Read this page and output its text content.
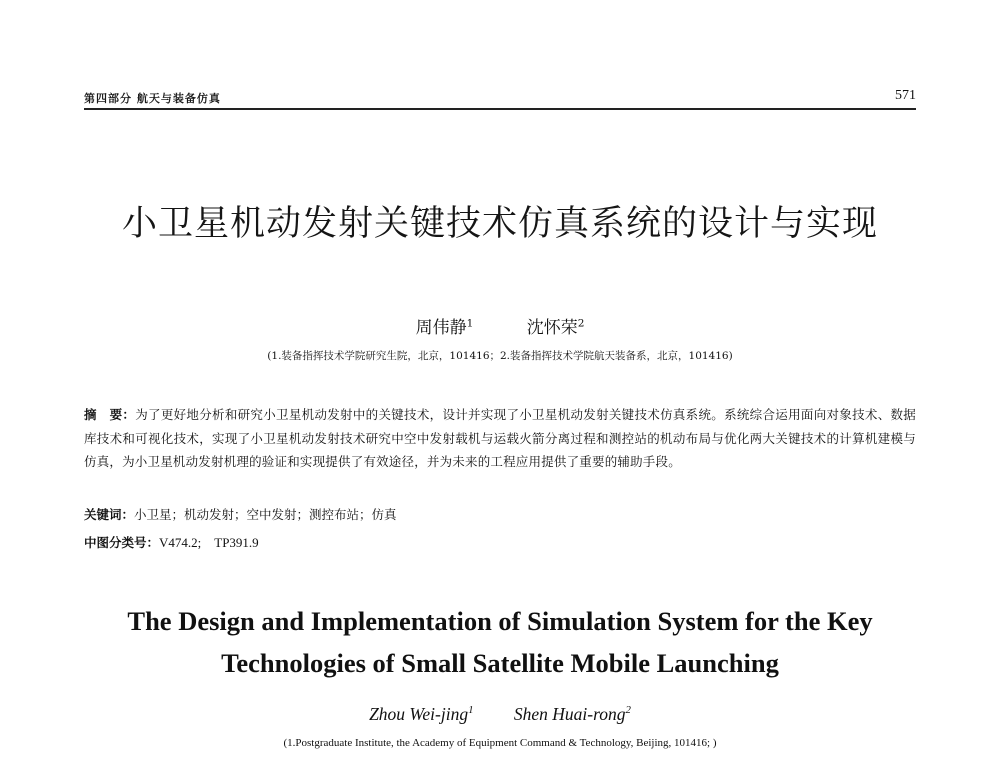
第四部分 航天与装备仿真	571
小卫星机动发射关键技术仿真系统的设计与实现
周伟静$^1$	沈怀荣$^2$
(1.装备指挥技术学院研究生院，北京，101416；2.装备指挥技术学院航天装备系，北京，101416)
摘　要：为了更好地分析和研究小卫星机动发射中的关键技术，设计并实现了小卫星机动发射关键技术仿真系统。系统综合运用面向对象技术、数据库技术和可视化技术，实现了小卫星机动发射技术研究中空中发射载机与运载火箭分离过程和测控站的机动布局与优化两大关键技术的计算机建模与仿真，为小卫星机动发射机理的验证和实现提供了有效途径，并为未来的工程应用提供了重要的辅助手段。
关键词：小卫星；机动发射；空中发射；测控布站；仿真
中图分类号：V474.2;　TP391.9
The Design and Implementation of Simulation System for the Key
Technologies of Small Satellite Mobile Launching
Zhou Wei-jing$^1$ Shen Huai-rong$^2$
(1.Postgraduate Institute, the Academy of Equipment Command & Technology, Beijing, 101416; )
